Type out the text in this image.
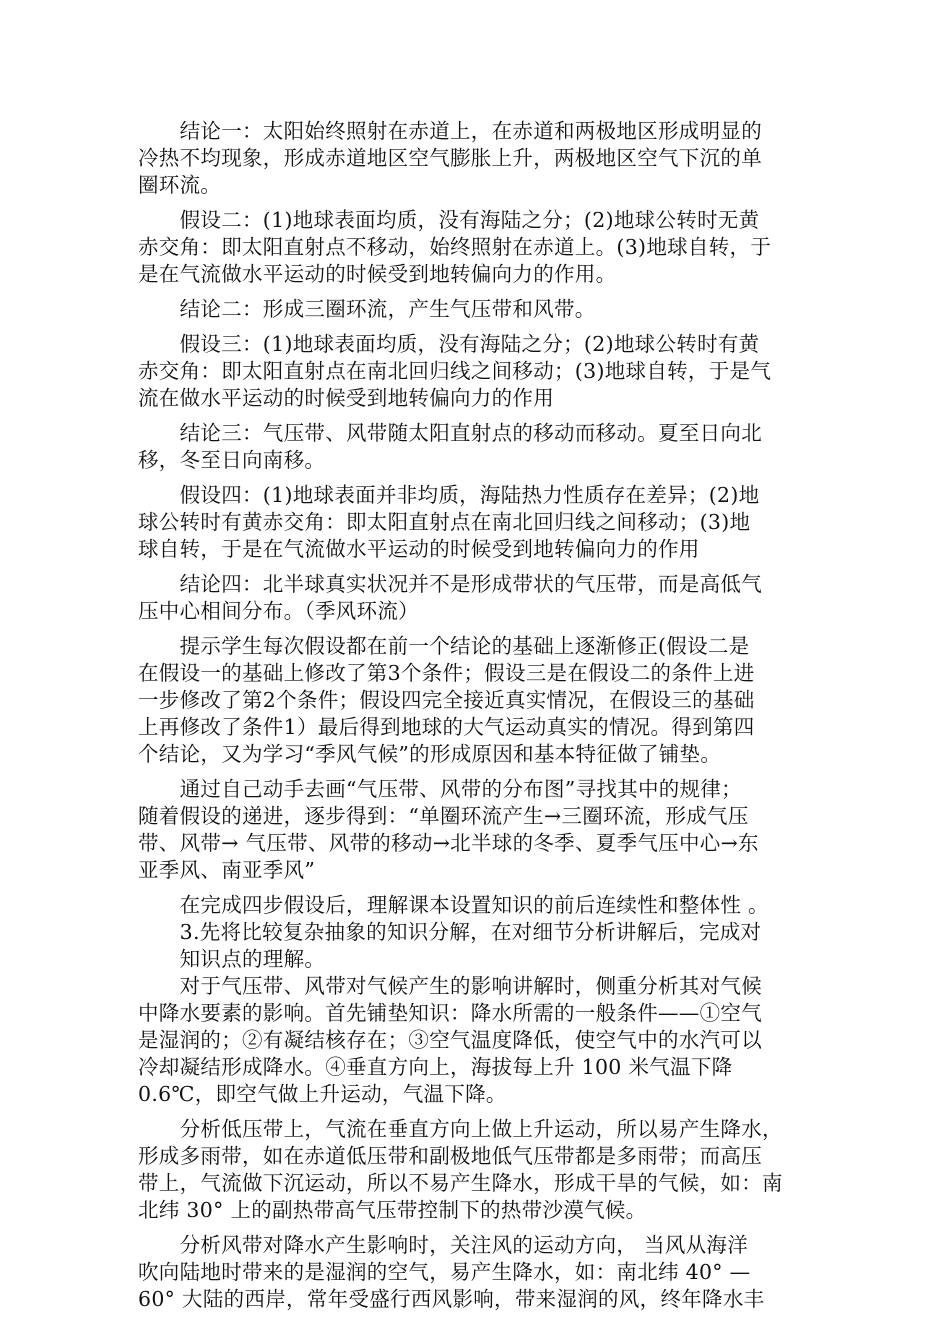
　　结论一：太阳始终照射在赤道上，在赤道和两极地区形成明显的
冷热不均现象，形成赤道地区空气膨胀上升，两极地区空气下沉的单
圈环流。
　　假设二：(1)地球表面均质，没有海陆之分；(2)地球公转时无黄
赤交角：即太阳直射点不移动，始终照射在赤道上。(3)地球自转，于
是在气流做水平运动的时候受到地转偏向力的作用。
　　结论二：形成三圈环流，产生气压带和风带。
　　假设三：(1)地球表面均质，没有海陆之分；(2)地球公转时有黄
赤交角：即太阳直射点在南北回归线之间移动；(3)地球自转，于是气
流在做水平运动的时候受到地转偏向力的作用
　　结论三：气压带、风带随太阳直射点的移动而移动。夏至日向北
移，冬至日向南移。
　　假设四：(1)地球表面并非均质，海陆热力性质存在差异；(2)地
球公转时有黄赤交角：即太阳直射点在南北回归线之间移动；(3)地
球自转，于是在气流做水平运动的时候受到地转偏向力的作用
　　结论四：北半球真实状况并不是形成带状的气压带，而是高低气
压中心相间分布。（季风环流）
　　提示学生每次假设都在前一个结论的基础上逐渐修正(假设二是
在假设一的基础上修改了第3个条件；假设三是在假设二的条件上进
一步修改了第2个条件；假设四完全接近真实情况，在假设三的基础
上再修改了条件1）最后得到地球的大气运动真实的情况。得到第四
个结论，又为学习“季风气候”的形成原因和基本特征做了铺垫。
　　通过自己动手去画“气压带、风带的分布图”寻找其中的规律；
随着假设的递进，逐步得到：“单圈环流产生→三圈环流，形成气压
带、风带→ 气压带、风带的移动→北半球的冬季、夏季气压中心→东
亚季风、南亚季风”
　　在完成四步假设后，理解课本设置知识的前后连续性和整体性 。
　　3.先将比较复杂抽象的知识分解，在对细节分析讲解后，完成对
　　知识点的理解。
　　对于气压带、风带对气候产生的影响讲解时，侧重分析其对气候
中降水要素的影响。首先铺垫知识：降水所需的一般条件——①空气
是湿润的；②有凝结核存在；③空气温度降低，使空气中的水汽可以
冷却凝结形成降水。④垂直方向上，海拔每上升 100 米气温下降
0.6℃，即空气做上升运动，气温下降。
　　分析低压带上，气流在垂直方向上做上升运动，所以易产生降水，
形成多雨带，如在赤道低压带和副极地低气压带都是多雨带；而高压
带上，气流做下沉运动，所以不易产生降水，形成干旱的气候，如：南
北纬 30° 上的副热带高气压带控制下的热带沙漠气候。
　　分析风带对降水产生影响时，关注风的运动方向， 当风从海洋
吹向陆地时带来的是湿润的空气，易产生降水，如：南北纬 40° —
60° 大陆的西岸，常年受盛行西风影响，带来湿润的风，终年降水丰
